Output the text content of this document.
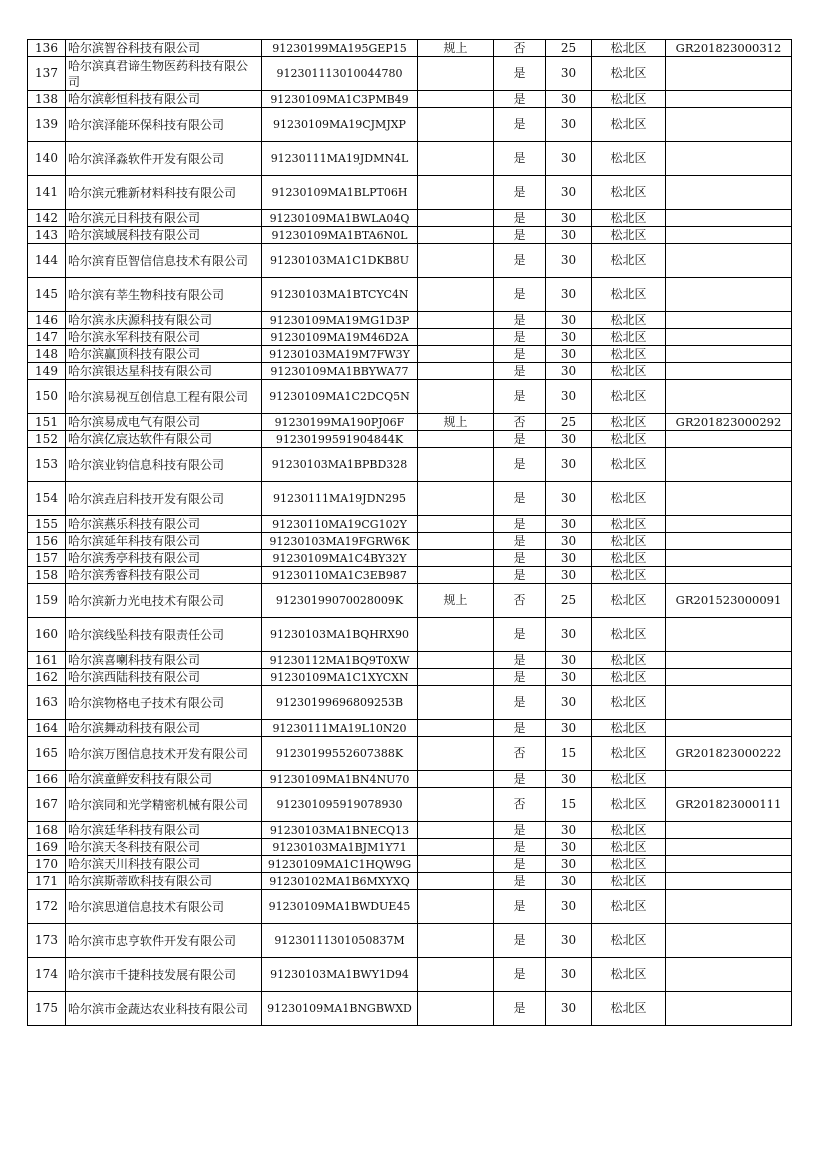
136	哈尔滨智谷科技有限公司	91230199MA195GEP15	规上	否	25	松北区	GR201823000312
137	哈尔滨真君谛生物医药科技有限公司	912301113010044780		是	30	松北区	
138	哈尔滨彰恒科技有限公司	91230109MA1C3PMB49		是	30	松北区	
139	哈尔滨泽能环保科技有限公司	91230109MA19CJMJXP		是	30	松北区	
140	哈尔滨泽淼软件开发有限公司	91230111MA19JDMN4L		是	30	松北区	
141	哈尔滨元雅新材料科技有限公司	91230109MA1BLPT06H		是	30	松北区	
142	哈尔滨元日科技有限公司	91230109MA1BWLA04Q		是	30	松北区	
143	哈尔滨域展科技有限公司	91230109MA1BTA6N0L		是	30	松北区	
144	哈尔滨育臣智信信息技术有限公司	91230103MA1C1DKB8U		是	30	松北区	
145	哈尔滨有莘生物科技有限公司	91230103MA1BTCYC4N		是	30	松北区	
146	哈尔滨永庆源科技有限公司	91230109MA19MG1D3P		是	30	松北区	
147	哈尔滨永军科技有限公司	91230109MA19M46D2A		是	30	松北区	
148	哈尔滨赢顶科技有限公司	91230103MA19M7FW3Y		是	30	松北区	
149	哈尔滨银达星科技有限公司	91230109MA1BBYWA77		是	30	松北区	
150	哈尔滨易视互创信息工程有限公司	91230109MA1C2DCQ5N		是	30	松北区	
151	哈尔滨易成电气有限公司	91230199MA190PJ06F	规上	否	25	松北区	GR201823000292
152	哈尔滨亿宸达软件有限公司	91230199591904844K		是	30	松北区	
153	哈尔滨业钧信息科技有限公司	91230103MA1BPBD328		是	30	松北区	
154	哈尔滨垚启科技开发有限公司	91230111MA19JDN295		是	30	松北区	
155	哈尔滨燕乐科技有限公司	91230110MA19CG102Y		是	30	松北区	
156	哈尔滨延年科技有限公司	91230103MA19FGRW6K		是	30	松北区	
157	哈尔滨秀亭科技有限公司	91230109MA1C4BY32Y		是	30	松北区	
158	哈尔滨秀睿科技有限公司	91230110MA1C3EB987		是	30	松北区	
159	哈尔滨新力光电技术有限公司	91230199070028009K	规上	否	25	松北区	GR201523000091
160	哈尔滨线坠科技有限责任公司	91230103MA1BQHRX90		是	30	松北区	
161	哈尔滨喜喇科技有限公司	91230112MA1BQ9T0XW		是	30	松北区	
162	哈尔滨西陆科技有限公司	91230109MA1C1XYCXN		是	30	松北区	
163	哈尔滨物格电子技术有限公司	91230199696809253B		是	30	松北区	
164	哈尔滨舞动科技有限公司	91230111MA19L10N20		是	30	松北区	
165	哈尔滨万图信息技术开发有限公司	91230199552607388K		否	15	松北区	GR201823000222
166	哈尔滨童鲜安科技有限公司	91230109MA1BN4NU70		是	30	松北区	
167	哈尔滨同和光学精密机械有限公司	912301095919078930		否	15	松北区	GR201823000111
168	哈尔滨廷华科技有限公司	91230103MA1BNECQ13		是	30	松北区	
169	哈尔滨天冬科技有限公司	91230103MA1BJM1Y71		是	30	松北区	
170	哈尔滨天川科技有限公司	91230109MA1C1HQW9G		是	30	松北区	
171	哈尔滨斯蒂欧科技有限公司	91230102MA1B6MXYXQ		是	30	松北区	
172	哈尔滨思道信息技术有限公司	91230109MA1BWDUE45		是	30	松北区	
173	哈尔滨市忠亨软件开发有限公司	91230111301050837M		是	30	松北区	
174	哈尔滨市千捷科技发展有限公司	91230103MA1BWY1D94		是	30	松北区	
175	哈尔滨市金蔬达农业科技有限公司	91230109MA1BNGBWXD		是	30	松北区	
